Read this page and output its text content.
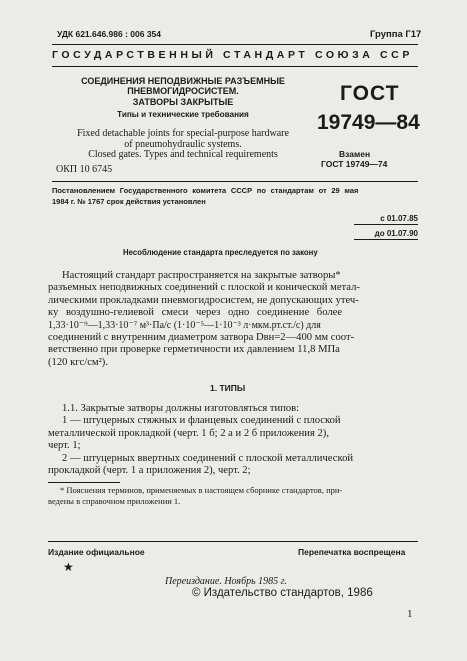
УДК 621.646.986 : 006 354	Группа Г17
ГОСУДАРСТВЕННЫЙ СТАНДАРТ СОЮЗА ССР
СОЕДИНЕНИЯ НЕПОДВИЖНЫЕ РАЗЪЕМНЫЕ
ПНЕВМОГИДРОСИСТЕМ.
ЗАТВОРЫ ЗАКРЫТЫЕ
Типы и технические требования
Fixed detachable joints for special-purpose hardware
of pneumohydraulic systems.
Closed gates. Types and technical requirements
ОКП 10 6745
ГОСТ
19749—84
Взамен
ГОСТ 19749—74
Постановлением Государственного комитета СССР по стандартам от 29 мая
1984 г. № 1767 срок действия установлен
с 01.07.85
до 01.07.90
Несоблюдение стандарта преследуется по закону
Настоящий стандарт распространяется на закрытые затворы*
разъемных неподвижных соединений с плоской и конической метал-
лическими прокладками пневмогидросистем, не допускающих утеч-
ку воздушно-гелиевой смеси через одно соединение более
1,33·10⁻⁹—1,33·10⁻⁷ м³·Па/с (1·10⁻⁵—1·10⁻³ л·мкм.рт.ст./с) для
соединений с внутренним диаметром затвора Dвн=2—400 мм соот-
ветственно при проверке герметичности их давлением 11,8 МПа
(120 кгс/см²).
1. ТИПЫ
1.1. Закрытые затворы должны изготовляться типов:
1 — штуцерных стяжных и фланцевых соединений с плоской
металлической прокладкой (черт. 1 б; 2 а и 2 б приложения 2),
черт. 1;
2 — штуцерных ввертных соединений с плоской металлической
прокладкой (черт. 1 а приложения 2), черт. 2;
* Пояснения терминов, применяемых в настоящем сборнике стандартов, при-
ведены в справочном приложении 1.
Издание официальное	Перепечатка воспрещена
★
Переиздание. Ноябрь 1985 г.
© Издательство стандартов, 1986
1
